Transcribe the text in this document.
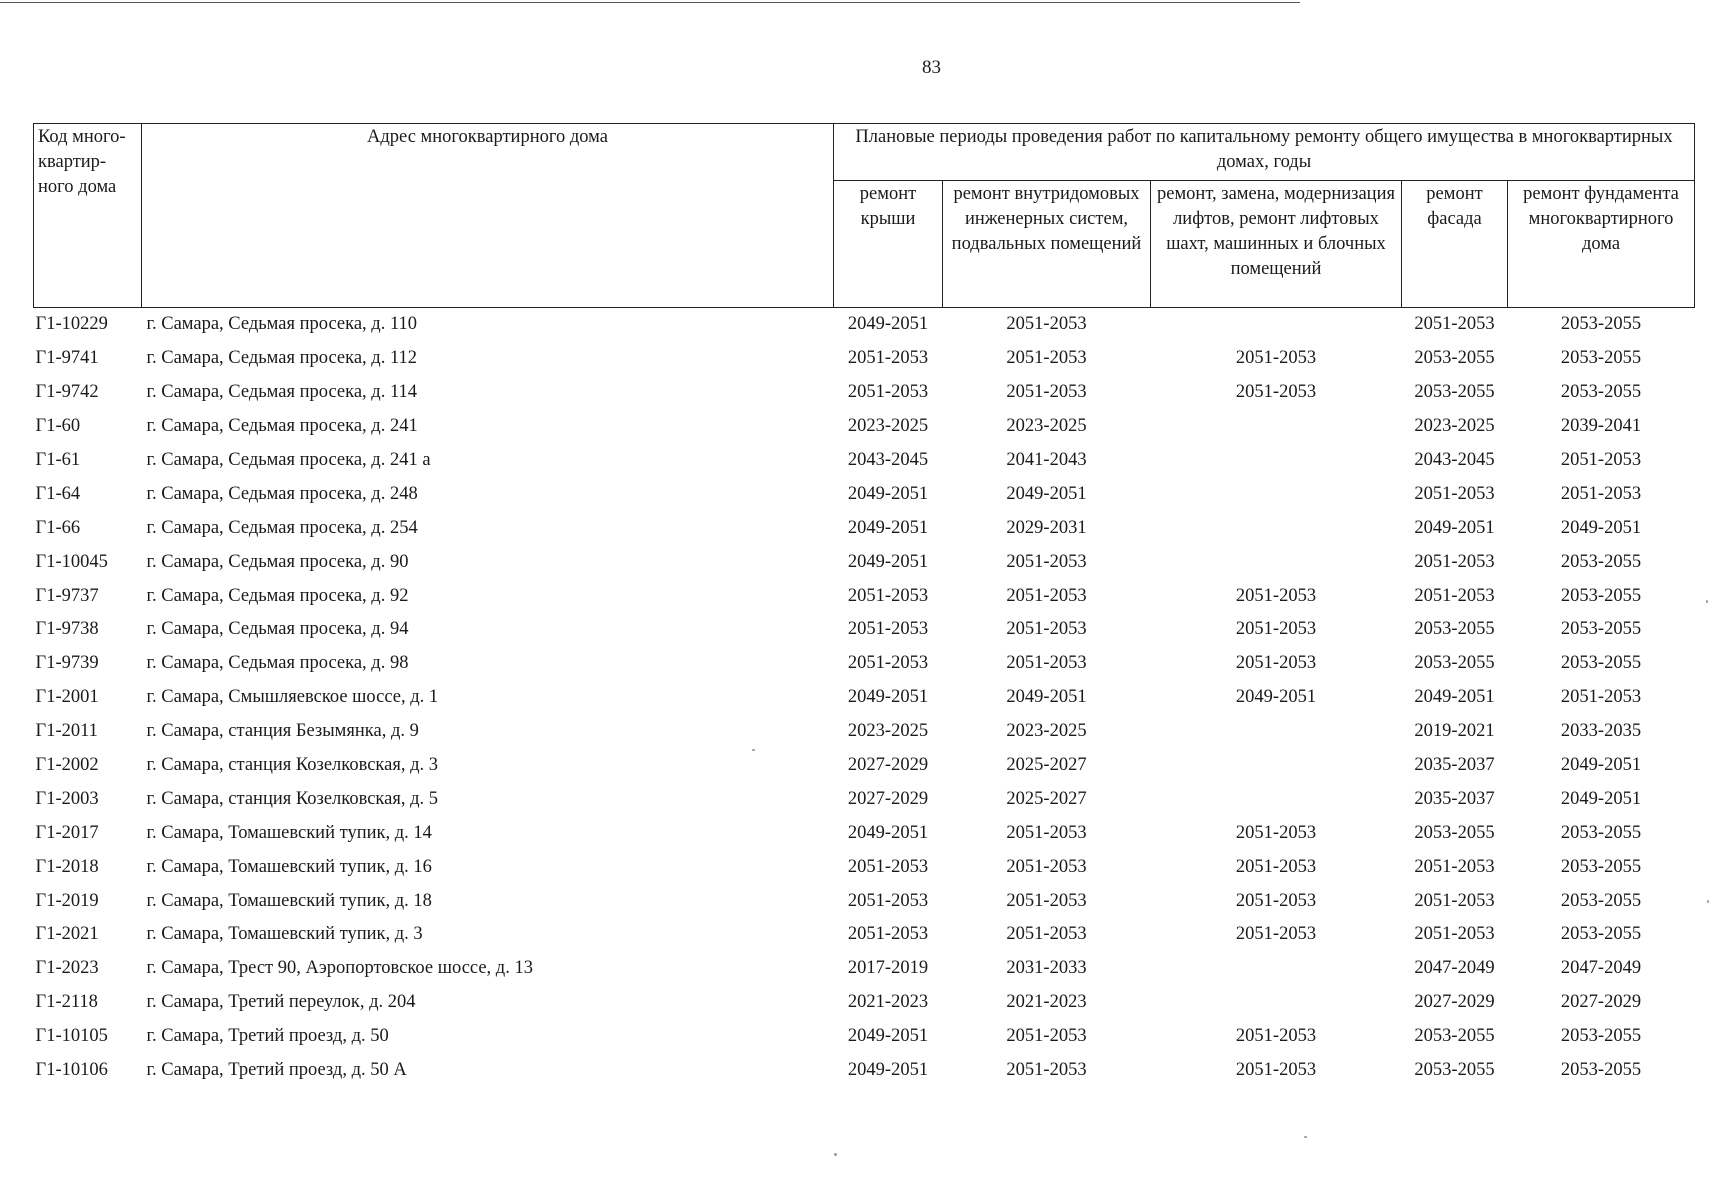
83
Код много-квартир-ного дома	Адрес многоквартирного дома	Плановые периоды проведения работ по капитальному ремонту общего имущества в многоквартирных домах, годы				
		ремонт крыши	ремонт внутридомовых инженерных систем, подвальных помещений	ремонт, замена, модернизация лифтов, ремонт лифтовых шахт, машинных и блочных помещений	ремонт фасада	ремонт фундамента многоквартирного дома
Г1-10229	г. Самара, Седьмая просека, д. 110	2049-2051	2051-2053		2051-2053	2053-2055
Г1-9741	г. Самара, Седьмая просека, д. 112	2051-2053	2051-2053	2051-2053	2053-2055	2053-2055
Г1-9742	г. Самара, Седьмая просека, д. 114	2051-2053	2051-2053	2051-2053	2053-2055	2053-2055
Г1-60	г. Самара, Седьмая просека, д. 241	2023-2025	2023-2025		2023-2025	2039-2041
Г1-61	г. Самара, Седьмая просека, д. 241 а	2043-2045	2041-2043		2043-2045	2051-2053
Г1-64	г. Самара, Седьмая просека, д. 248	2049-2051	2049-2051		2051-2053	2051-2053
Г1-66	г. Самара, Седьмая просека, д. 254	2049-2051	2029-2031		2049-2051	2049-2051
Г1-10045	г. Самара, Седьмая просека, д. 90	2049-2051	2051-2053		2051-2053	2053-2055
Г1-9737	г. Самара, Седьмая просека, д. 92	2051-2053	2051-2053	2051-2053	2051-2053	2053-2055
Г1-9738	г. Самара, Седьмая просека, д. 94	2051-2053	2051-2053	2051-2053	2053-2055	2053-2055
Г1-9739	г. Самара, Седьмая просека, д. 98	2051-2053	2051-2053	2051-2053	2053-2055	2053-2055
Г1-2001	г. Самара, Смышляевское шоссе, д. 1	2049-2051	2049-2051	2049-2051	2049-2051	2051-2053
Г1-2011	г. Самара, станция Безымянка, д. 9	2023-2025	2023-2025		2019-2021	2033-2035
Г1-2002	г. Самара, станция Козелковская, д. 3	2027-2029	2025-2027		2035-2037	2049-2051
Г1-2003	г. Самара, станция Козелковская, д. 5	2027-2029	2025-2027		2035-2037	2049-2051
Г1-2017	г. Самара, Томашевский тупик, д. 14	2049-2051	2051-2053	2051-2053	2053-2055	2053-2055
Г1-2018	г. Самара, Томашевский тупик, д. 16	2051-2053	2051-2053	2051-2053	2051-2053	2053-2055
Г1-2019	г. Самара, Томашевский тупик, д. 18	2051-2053	2051-2053	2051-2053	2051-2053	2053-2055
Г1-2021	г. Самара, Томашевский тупик, д. 3	2051-2053	2051-2053	2051-2053	2051-2053	2053-2055
Г1-2023	г. Самара, Трест 90, Аэропортовское шоссе, д. 13	2017-2019	2031-2033		2047-2049	2047-2049
Г1-2118	г. Самара, Третий переулок, д. 204	2021-2023	2021-2023		2027-2029	2027-2029
Г1-10105	г. Самара, Третий проезд, д. 50	2049-2051	2051-2053	2051-2053	2053-2055	2053-2055
Г1-10106	г. Самара, Третий проезд, д. 50 А	2049-2051	2051-2053	2051-2053	2053-2055	2053-2055
